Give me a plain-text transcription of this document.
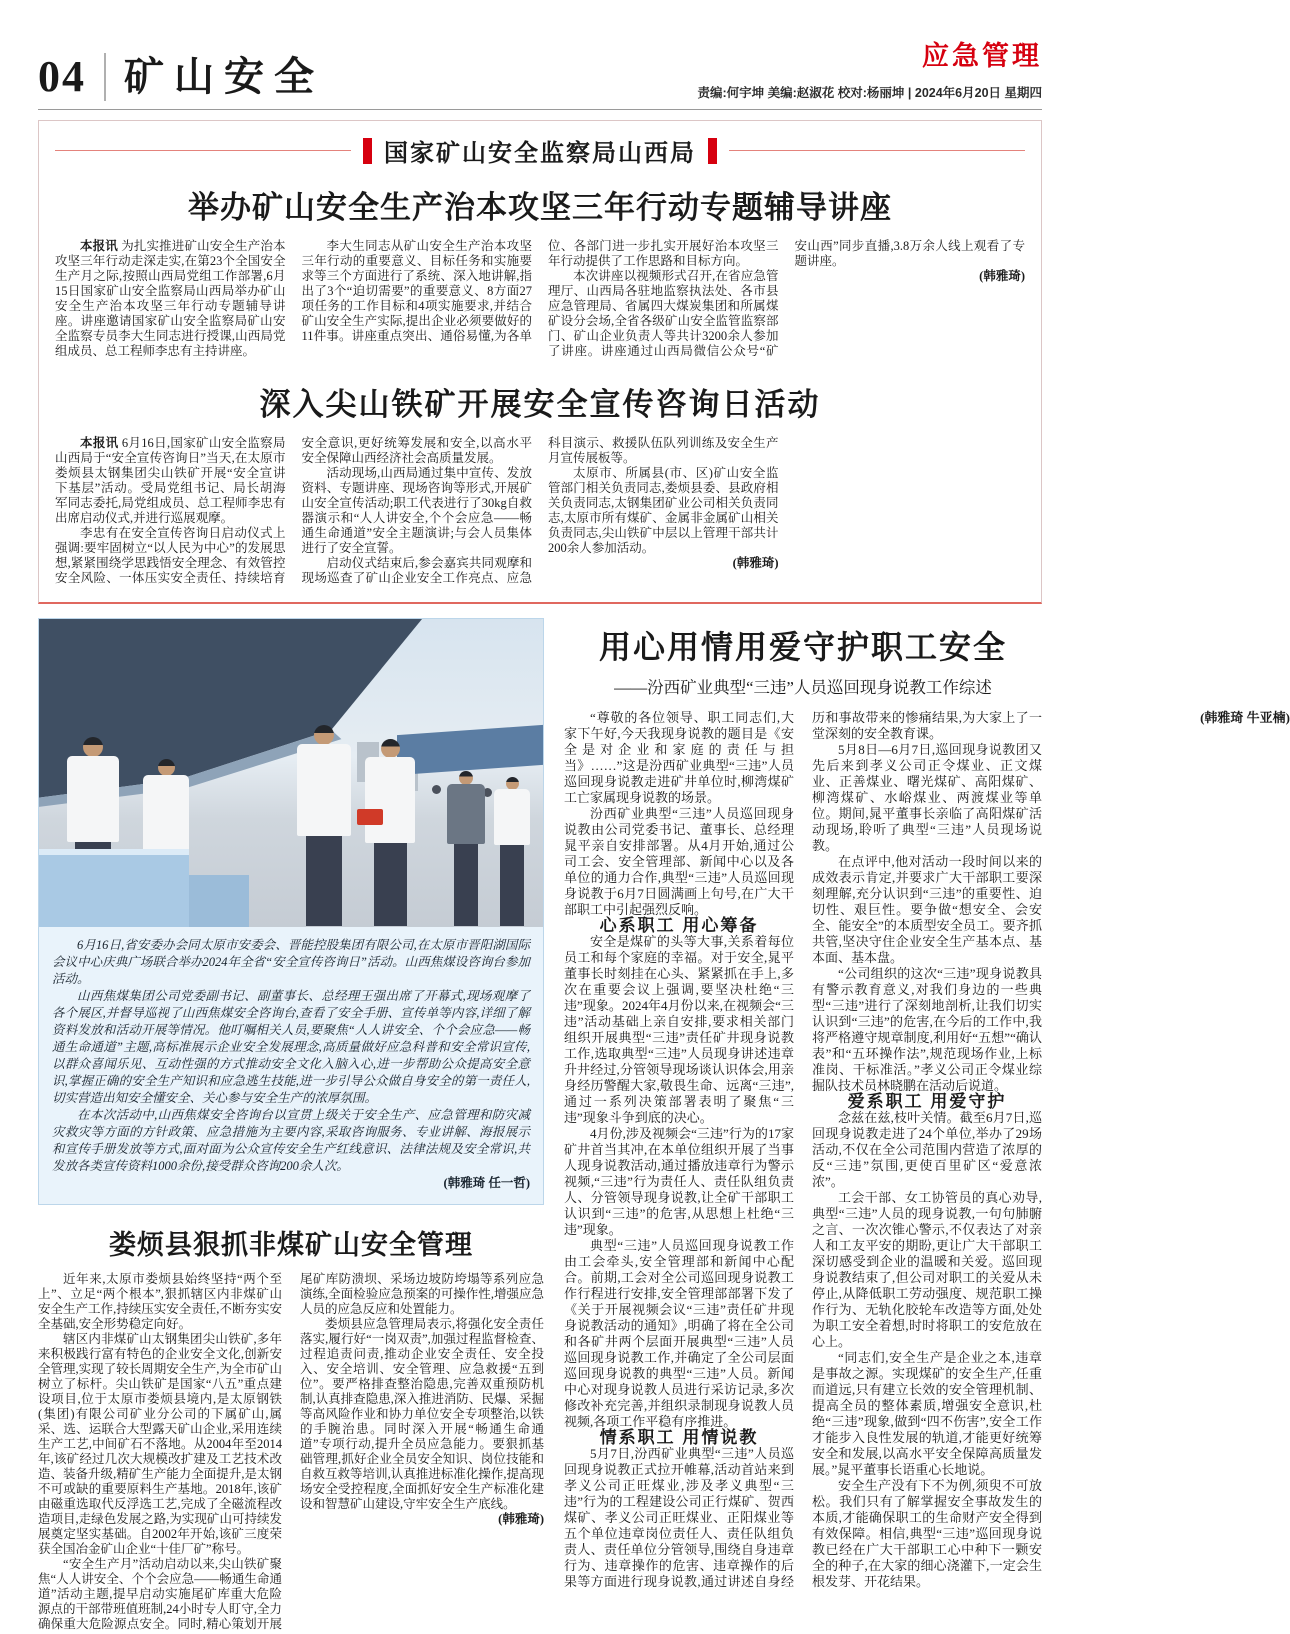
04 矿山安全	应急管理
责编:何宇坤 美编:赵淑花 校对:杨丽坤 | 2024年6月20日 星期四
国家矿山安全监察局山西局
举办矿山安全生产治本攻坚三年行动专题辅导讲座

本报讯 为扎实推进矿山安全生产治本攻坚三年行动走深走实,在第23个全国安全生产月之际,按照山西局党组工作部署,6月15日国家矿山安全监察局山西局举办矿山安全生产治本攻坚三年行动专题辅导讲座。讲座邀请国家矿山安全监察局矿山安全监察专员李大生同志进行授课,山西局党组成员、总工程师李忠有主持讲座。

李大生同志从矿山安全生产治本攻坚三年行动的重要意义、目标任务和实施要求等三个方面进行了系统、深入地讲解,指出了3个“迫切需要”的重要意义、8方面27项任务的工作目标和4项实施要求,并结合矿山安全生产实际,提出企业必须要做好的11件事。讲座重点突出、通俗易懂,为各单位、各部门进一步扎实开展好治本攻坚三年行动提供了工作思路和目标方向。

本次讲座以视频形式召开,在省应急管理厅、山西局各驻地监察执法处、各市县应急管理局、省属四大煤炭集团和所属煤矿设分会场,全省各级矿山安全监管监察部门、矿山企业负责人等共计3200余人参加了讲座。讲座通过山西局微信公众号“矿安山西”同步直播,3.8万余人线上观看了专题讲座。

(韩雅琦)

深入尖山铁矿开展安全宣传咨询日活动

本报讯 6月16日,国家矿山安全监察局山西局于“安全宣传咨询日”当天,在太原市娄烦县太钢集团尖山铁矿开展“安全宣讲下基层”活动。受局党组书记、局长胡海军同志委托,局党组成员、总工程师李忠有出席启动仪式,并进行巡展观摩。

李忠有在安全宣传咨询日启动仪式上强调:要牢固树立“以人民为中心”的发展思想,紧紧围绕学思践悟安全理念、有效管控安全风险、一体压实安全责任、持续培育安全意识,更好统筹发展和安全,以高水平安全保障山西经济社会高质量发展。

活动现场,山西局通过集中宣传、发放资料、专题讲座、现场咨询等形式,开展矿山安全宣传活动;职工代表进行了30kg自救器演示和“人人讲安全,个个会应急——畅通生命通道”安全主题演讲;与会人员集体进行了安全宣誓。

启动仪式结束后,参会嘉宾共同观摩和现场巡查了矿山企业安全工作亮点、应急科目演示、救援队伍队列训练及安全生产月宣传展板等。

太原市、所属县(市、区)矿山安全监管部门相关负责同志,娄烦县委、县政府相关负责同志,太钢集团矿业公司相关负责同志,太原市所有煤矿、金属非金属矿山相关负责同志,尖山铁矿中层以上管理干部共计200余人参加活动。

(韩雅琦)

6月16日,省安委办会同太原市安委会、晋能控股集团有限公司,在太原市晋阳湖国际会议中心庆典广场联合举办2024年全省“安全宣传咨询日”活动。山西焦煤设咨询台参加活动。

山西焦煤集团公司党委副书记、副董事长、总经理王强出席了开幕式,现场观摩了各个展区,并督导巡视了山西焦煤安全咨询台,查看了安全手册、宣传单等内容,详细了解资料发放和活动开展等情况。他叮嘱相关人员,要聚焦“人人讲安全、个个会应急——畅通生命通道”主题,高标准展示企业安全发展理念,高质量做好应急科普和安全常识宣传,以群众喜闻乐见、互动性强的方式推动安全文化入脑入心,进一步帮助公众提高安全意识,掌握正确的安全生产知识和应急逃生技能,进一步引导公众做自身安全的第一责任人,切实营造出知安全懂安全、关心参与安全生产的浓厚氛围。

在本次活动中,山西焦煤安全咨询台以宣贯上级关于安全生产、应急管理和防灾减灾救灾等方面的方针政策、应急措施为主要内容,采取咨询服务、专业讲解、海报展示和宣传手册发放等方式,面对面为公众宣传安全生产红线意识、法律法规及安全常识,共发放各类宣传资料1000余份,接受群众咨询200余人次。

(韩雅琦 任一哲)

娄烦县狠抓非煤矿山安全管理

近年来,太原市娄烦县始终坚持“两个至上”、立足“两个根本”,狠抓辖区内非煤矿山安全生产工作,持续压实安全责任,不断夯实安全基础,安全形势稳定向好。

辖区内非煤矿山太钢集团尖山铁矿,多年来积极践行富有特色的企业安全文化,创新安全管理,实现了较长周期安全生产,为全市矿山树立了标杆。尖山铁矿是国家“八五”重点建设项目,位于太原市娄烦县境内,是太原钢铁(集团)有限公司矿业分公司的下属矿山,属采、选、运联合大型露天矿山企业,采用连续生产工艺,中间矿石不落地。从2004年至2014年,该矿经过几次大规模改扩建及工艺技术改造、装备升级,精矿生产能力全面提升,是太钢不可或缺的重要原料生产基地。2018年,该矿由磁重选取代反浮选工艺,完成了全磁流程改造项目,走绿色发展之路,为实现矿山可持续发展奠定坚实基础。自2002年开始,该矿三度荣获全国冶金矿山企业“十佳厂矿”称号。

“安全生产月”活动启动以来,尖山铁矿聚焦“人人讲安全、个个会应急——畅通生命通道”活动主题,提早启动实施尾矿库重大危险源点的干部带班值班制,24小时专人盯守,全力确保重大危险源点安全。同时,精心策划开展尾矿库防溃坝、采场边坡防垮塌等系列应急演练,全面检验应急预案的可操作性,增强应急人员的应急反应和处置能力。

娄烦县应急管理局表示,将强化安全责任落实,履行好“一岗双责”,加强过程监督检查、过程追责问责,推动企业安全责任、安全投入、安全培训、安全管理、应急救援“五到位”。要严格排查整治隐患,完善双重预防机制,认真排查隐患,深入推进消防、民爆、采掘等高风险作业和协力单位安全专项整治,以铁的手腕治患。同时深入开展“畅通生命通道”专项行动,提升全员应急能力。要狠抓基础管理,抓好企业全员安全知识、岗位技能和自救互救等培训,认真推进标准化操作,提高现场安全受控程度,全面抓好安全生产标准化建设和智慧矿山建设,守牢安全生产底线。

(韩雅琦)

用心用情用爱守护职工安全
——汾西矿业典型“三违”人员巡回现身说教工作综述

“尊敬的各位领导、职工同志们,大家下午好,今天我现身说教的题目是《安全是对企业和家庭的责任与担当》……”这是汾西矿业典型“三违”人员巡回现身说教走进矿井单位时,柳湾煤矿工亡家属现身说教的场景。

汾西矿业典型“三违”人员巡回现身说教由公司党委书记、董事长、总经理晁平亲自安排部署。从4月开始,通过公司工会、安全管理部、新闻中心以及各单位的通力合作,典型“三违”人员巡回现身说教于6月7日圆满画上句号,在广大干部职工中引起强烈反响。

心系职工 用心筹备

安全是煤矿的头等大事,关系着每位员工和每个家庭的幸福。对于安全,晁平董事长时刻挂在心头、紧紧抓在手上,多次在重要会议上强调,要坚决杜绝“三违”现象。2024年4月份以来,在视频会“三违”活动基础上亲自安排,要求相关部门组织开展典型“三违”责任矿井现身说教工作,选取典型“三违”人员现身讲述违章升井经过,分管领导现场谈认识体会,用亲身经历警醒大家,敬畏生命、远离“三违”,通过一系列决策部署表明了聚焦“三违”现象斗争到底的决心。

4月份,涉及视频会“三违”行为的17家矿井首当其冲,在本单位组织开展了当事人现身说教活动,通过播放违章行为警示视频,“三违”行为责任人、责任队组负责人、分管领导现身说教,让全矿干部职工认识到“三违”的危害,从思想上杜绝“三违”现象。

典型“三违”人员巡回现身说教工作由工会牵头,安全管理部和新闻中心配合。前期,工会对全公司巡回现身说教工作行程进行安排,安全管理部部署下发了《关于开展视频会议“三违”责任矿井现身说教活动的通知》,明确了将在全公司和各矿井两个层面开展典型“三违”人员巡回现身说教工作,并确定了全公司层面巡回现身说教的典型“三违”人员。新闻中心对现身说教人员进行采访记录,多次修改补充完善,并组织录制现身说教人员视频,各项工作平稳有序推进。

情系职工 用情说教

5月7日,汾西矿业典型“三违”人员巡回现身说教正式拉开帷幕,活动首站来到孝义公司正旺煤业,涉及孝义典型“三违”行为的工程建设公司正行煤矿、贺西煤矿、孝义公司正旺煤业、正阳煤业等五个单位违章岗位责任人、责任队组负责人、责任单位分管领导,围绕自身违章行为、违章操作的危害、违章操作的后果等方面进行现身说教,通过讲述自身经历和事故带来的惨痛结果,为大家上了一堂深刻的安全教育课。

5月8日—6月7日,巡回现身说教团又先后来到孝义公司正令煤业、正文煤业、正善煤业、曙光煤矿、高阳煤矿、柳湾煤矿、水峪煤业、两渡煤业等单位。期间,晁平董事长亲临了高阳煤矿活动现场,聆听了典型“三违”人员现场说教。

在点评中,他对活动一段时间以来的成效表示肯定,并要求广大干部职工要深刻理解,充分认识到“三违”的重要性、迫切性、艰巨性。要争做“想安全、会安全、能安全”的本质型安全员工。要齐抓共管,坚决守住企业安全生产基本点、基本面、基本盘。

“公司组织的这次“三违”现身说教具有警示教育意义,对我们身边的一些典型“三违”进行了深刻地剖析,让我们切实认识到“三违”的危害,在今后的工作中,我将严格遵守规章制度,利用好“五想”“确认表”和“五环操作法”,规范现场作业,上标准岗、干标准活。”孝义公司正令煤业综掘队技术员林晓鹏在活动后说道。

爱系职工 用爱守护

念兹在兹,枝叶关情。截至6月7日,巡回现身说教走进了24个单位,举办了29场活动,不仅在全公司范围内营造了浓厚的反“三违”氛围,更使百里矿区“爱意浓浓”。

工会干部、女工协管员的真心劝导,典型“三违”人员的现身说教,一句句肺腑之言、一次次锥心警示,不仅表达了对亲人和工友平安的期盼,更让广大干部职工深切感受到企业的温暖和关爱。巡回现身说教结束了,但公司对职工的关爱从未停止,从降低职工劳动强度、规范职工操作行为、无轨化胶轮车改造等方面,处处为职工安全着想,时时将职工的安危放在心上。

“同志们,安全生产是企业之本,违章是事故之源。实现煤矿的安全生产,任重而道远,只有建立长效的安全管理机制、提高全员的整体素质,增强安全意识,杜绝“三违”现象,做到“四不伤害”,安全工作才能步入良性发展的轨道,才能更好统筹安全和发展,以高水平安全保障高质量发展。”晁平董事长语重心长地说。

安全生产没有下不为例,须臾不可放松。我们只有了解掌握安全事故发生的本质,才能确保职工的生命财产安全得到有效保障。相信,典型“三违”巡回现身说教已经在广大干部职工心中种下一颗安全的种子,在大家的细心浇灌下,一定会生根发芽、开花结果。

(韩雅琦 牛亚楠)
